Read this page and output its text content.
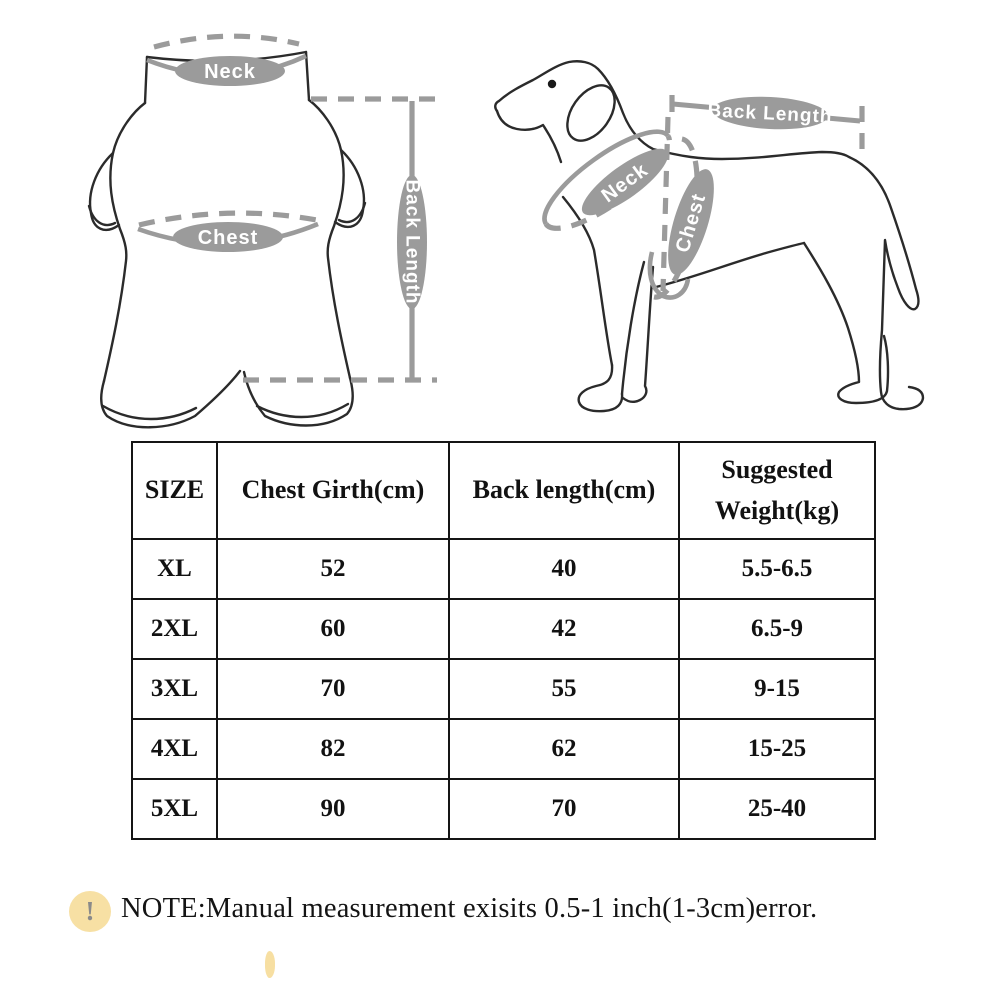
Neck
Chest	Back Length	Neck
Chest
Back Length
SIZE	Chest Girth(cm)	Back length(cm)	Suggested Weight(kg)
XL	52	40	5.5-6.5
2XL	60	42	6.5-9
3XL	70	55	9-15
4XL	82	62	15-25
5XL	90	70	25-40
! NOTE:Manual measurement exisits 0.5-1 inch(1-3cm)error.
